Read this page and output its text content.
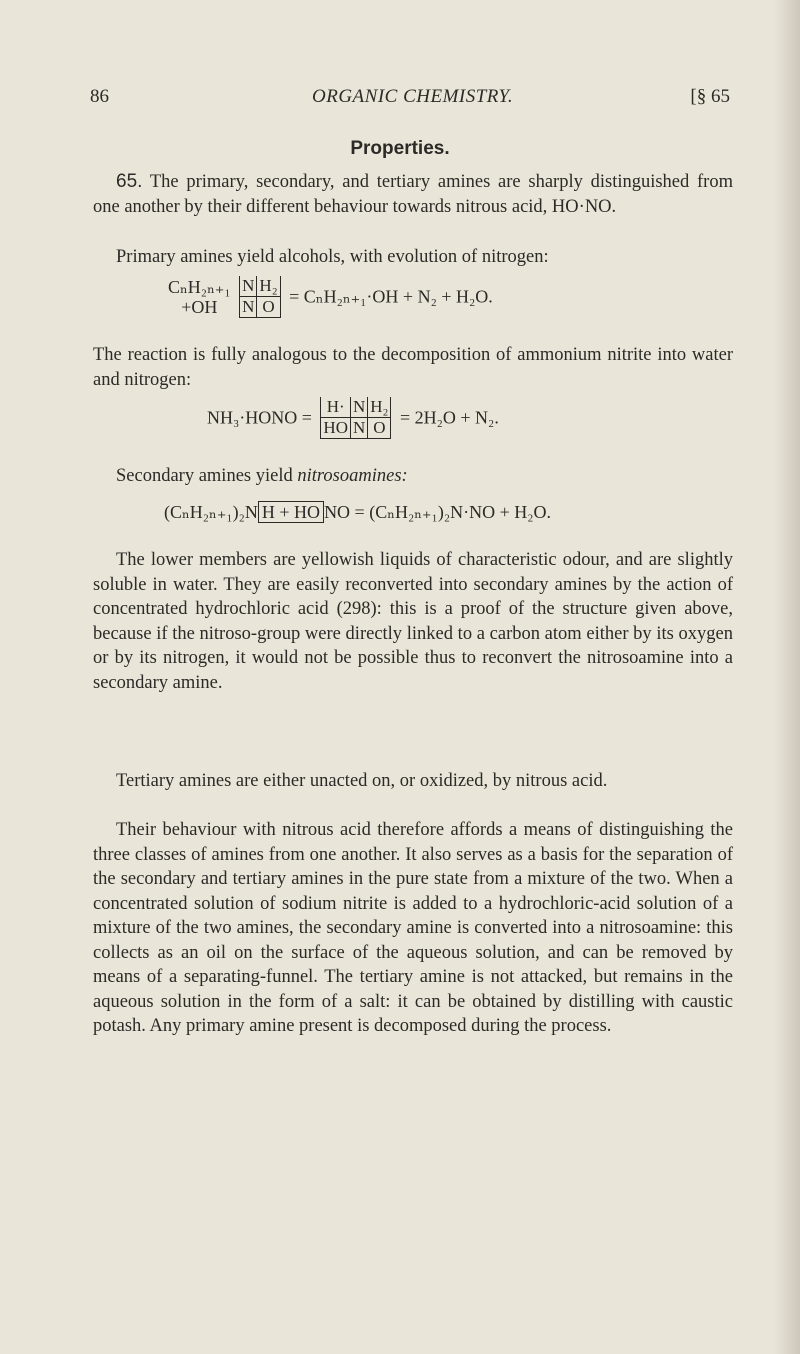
86	ORGANIC CHEMISTRY.	[§ 65
Properties.
65. The primary, secondary, and tertiary amines are sharply distinguished from one another by their different behaviour towards nitrous acid, HO·NO.
Primary amines yield alcohols, with evolution of nitrogen:
CₙH₂ₙ₊₁
+OH
N	H₂
N	O = CₙH₂ₙ₊₁·OH + N₂ + H₂O.
The reaction is fully analogous to the decomposition of ammonium nitrite into water and nitrogen:
NH₃·HONO = H·	N	H₂
HO	N	O = 2H₂O + N₂.
Secondary amines yield nitrosoamines:
(CₙH₂ₙ₊₁)₂N H + HO NO = (CₙH₂ₙ₊₁)₂N·NO + H₂O.
The lower members are yellowish liquids of characteristic odour, and are slightly soluble in water. They are easily reconverted into secondary amines by the action of concentrated hydrochloric acid (298): this is a proof of the structure given above, because if the nitroso-group were directly linked to a carbon atom either by its oxygen or by its nitrogen, it would not be possible thus to reconvert the nitrosoamine into a secondary amine.
Tertiary amines are either unacted on, or oxidized, by nitrous acid.
Their behaviour with nitrous acid therefore affords a means of distinguishing the three classes of amines from one another. It also serves as a basis for the separation of the secondary and tertiary amines in the pure state from a mixture of the two. When a concentrated solution of sodium nitrite is added to a hydrochloric-acid solution of a mixture of the two amines, the secondary amine is converted into a nitrosoamine: this collects as an oil on the surface of the aqueous solution, and can be removed by means of a separating-funnel. The tertiary amine is not attacked, but remains in the aqueous solution in the form of a salt: it can be obtained by distilling with caustic potash. Any primary amine present is decomposed during the process.
